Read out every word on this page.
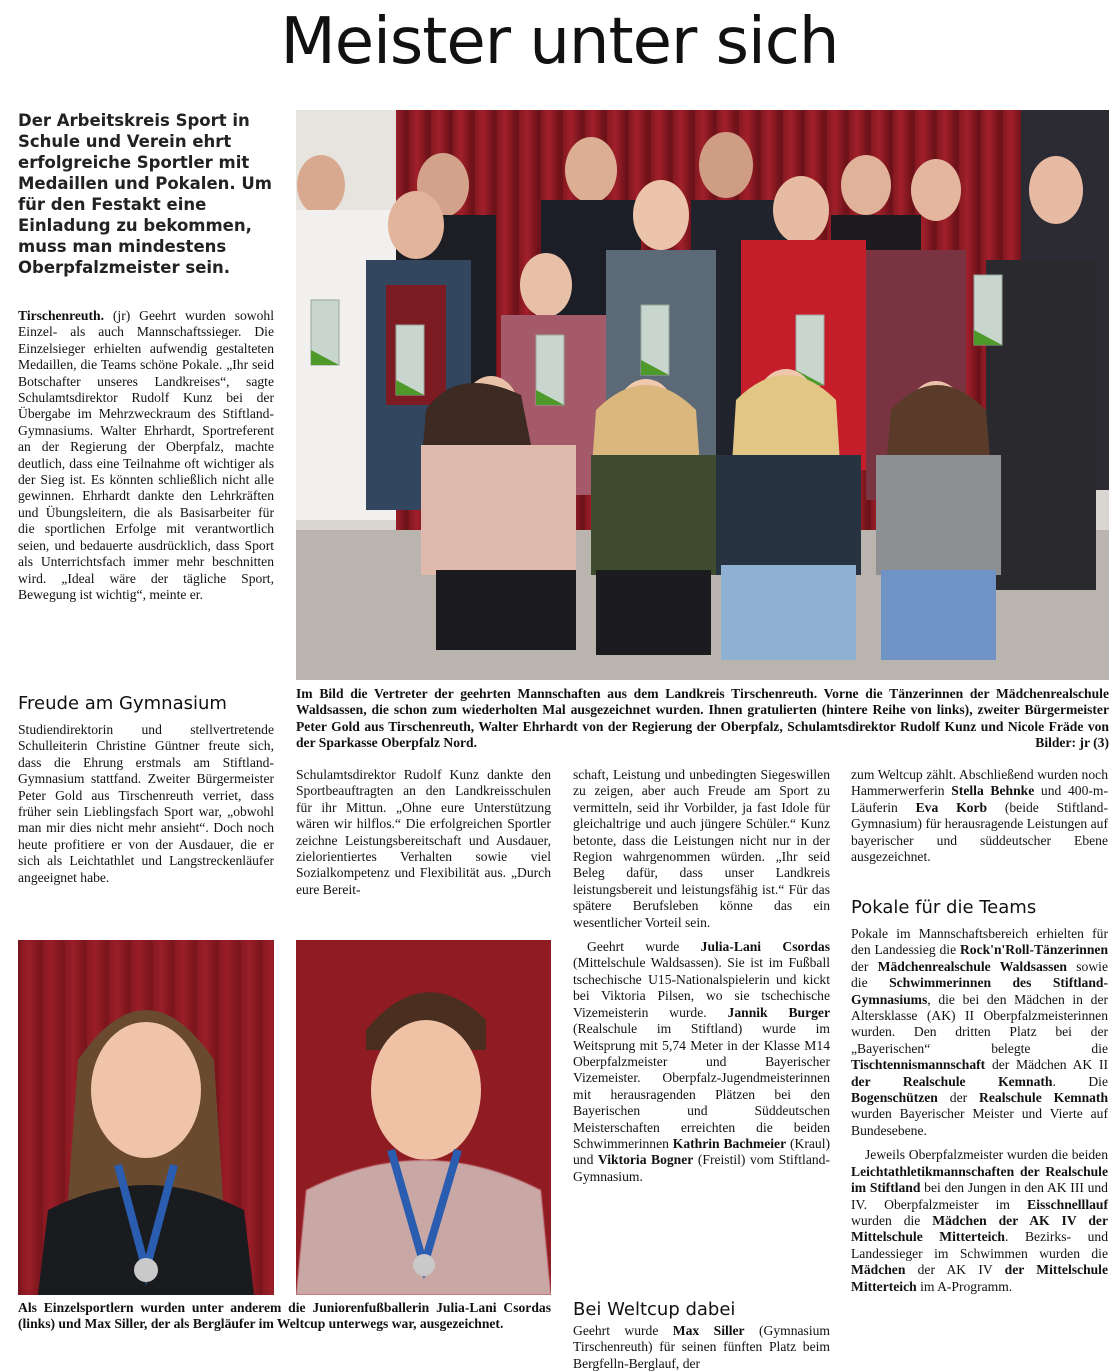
Meister unter sich
Der Arbeitskreis Sport in Schule und Verein ehrt erfolgreiche Sportler mit Medaillen und Pokalen. Um für den Festakt eine Einladung zu bekommen, muss man mindestens Oberpfalzmeister sein.

Tirschenreuth. (jr) Geehrt wurden sowohl Einzel- als auch Mannschaftssieger. Die Einzelsieger erhielten aufwendig gestalteten Medaillen, die Teams schöne Pokale. „Ihr seid Botschafter unseres Landkreises“, sagte Schulamtsdirektor Rudolf Kunz bei der Übergabe im Mehrzweckraum des Stiftland-Gymnasiums. Walter Ehrhardt, Sportreferent an der Regierung der Oberpfalz, machte deutlich, dass eine Teilnahme oft wichtiger als der Sieg ist. Es könnten schließlich nicht alle gewinnen. Ehrhardt dankte den Lehrkräften und Übungsleitern, die als Basisarbeiter für die sportlichen Erfolge mit verantwortlich seien, und bedauerte ausdrücklich, dass Sport als Unterrichtsfach immer mehr beschnitten wird. „Ideal wäre der tägliche Sport, Bewegung ist wichtig“, meinte er.

Freude am Gymnasium

Studiendirektorin und stellvertretende Schulleiterin Christine Güntner freute sich, dass die Ehrung erstmals am Stiftland-Gymnasium stattfand. Zweiter Bürgermeister Peter Gold aus Tirschenreuth verriet, dass früher sein Lieblingsfach Sport war, „obwohl man mir dies nicht mehr ansieht“. Doch noch heute profitiere er von der Ausdauer, die er sich als Leichtathlet und Langstreckenläufer angeeignet habe.

Im Bild die Vertreter der geehrten Mannschaften aus dem Landkreis Tirschenreuth. Vorne die Tänzerinnen der Mädchenrealschule Waldsassen, die schon zum wiederholten Mal ausgezeichnet wurden. Ihnen gratulierten (hintere Reihe von links), zweiter Bürgermeister Peter Gold aus Tirschenreuth, Walter Ehrhardt von der Regierung der Oberpfalz, Schulamtsdirektor Rudolf Kunz und Nicole Fräde von der Sparkasse Oberpfalz Nord.	Bilder: jr (3)

Schulamtsdirektor Rudolf Kunz dankte den Sportbeauftragten an den Landkreisschulen für ihr Mittun. „Ohne eure Unterstützung wären wir hilflos.“ Die erfolgreichen Sportler zeichne Leistungsbereitschaft und Ausdauer, zielorientiertes Verhalten sowie viel Sozialkompetenz und Flexibilität aus. „Durch eure Bereit-

schaft, Leistung und unbedingten Siegeswillen zu zeigen, aber auch Freude am Sport zu vermitteln, seid ihr Vorbilder, ja fast Idole für gleichaltrige und auch jüngere Schüler.“ Kunz betonte, dass die Leistungen nicht nur in der Region wahrgenommen würden. „Ihr seid Beleg dafür, dass unser Landkreis leistungsbereit und leistungsfähig ist.“ Für das spätere Berufsleben könne das ein wesentlicher Vorteil sein.

Geehrt wurde Julia-Lani Csordas (Mittelschule Waldsassen). Sie ist im Fußball tschechische U15-Nationalspielerin und kickt bei Viktoria Pilsen, wo sie tschechische Vizemeisterin wurde. Jannik Burger (Realschule im Stiftland) wurde im Weitsprung mit 5,74 Meter in der Klasse M14 Oberpfalzmeister und Bayerischer Vizemeister. Oberpfalz-Jugendmeisterinnen mit herausragenden Plätzen bei den Bayerischen und Süddeutschen Meisterschaften erreichten die beiden Schwimmerinnen Kathrin Bachmeier (Kraul) und Viktoria Bogner (Freistil) vom Stiftland-Gymnasium.

Bei Weltcup dabei

Geehrt wurde Max Siller (Gymnasium Tirschenreuth) für seinen fünften Platz beim Bergfelln-Berglauf, der

zum Weltcup zählt. Abschließend wurden noch Hammerwerferin Stella Behnke und 400-m-Läuferin Eva Korb (beide Stiftland-Gymnasium) für herausragende Leistungen auf bayerischer und süddeutscher Ebene ausgezeichnet.

Pokale für die Teams

Pokale im Mannschaftsbereich erhielten für den Landessieg die Rock'n'Roll-Tänzerinnen der Mädchenrealschule Waldsassen sowie die Schwimmerinnen des Stiftland-Gymnasiums, die bei den Mädchen in der Altersklasse (AK) II Oberpfalzmeisterinnen wurden. Den dritten Platz bei der „Bayerischen“ belegte die Tischtennismannschaft der Mädchen AK II der Realschule Kemnath. Die Bogenschützen der Realschule Kemnath wurden Bayerischer Meister und Vierte auf Bundesebene.

Jeweils Oberpfalzmeister wurden die beiden Leichtathletikmannschaften der Realschule im Stiftland bei den Jungen in den AK III und IV. Oberpfalzmeister im Eisschnelllauf wurden die Mädchen der AK IV der Mittelschule Mitterteich. Bezirks- und Landessieger im Schwimmen wurden die Mädchen der AK IV der Mittelschule Mitterteich im A-Programm.

Als Einzelsportlern wurden unter anderem die Juniorenfußballerin Julia-Lani Csordas (links) und Max Siller, der als Bergläufer im Weltcup unterwegs war, ausgezeichnet.
